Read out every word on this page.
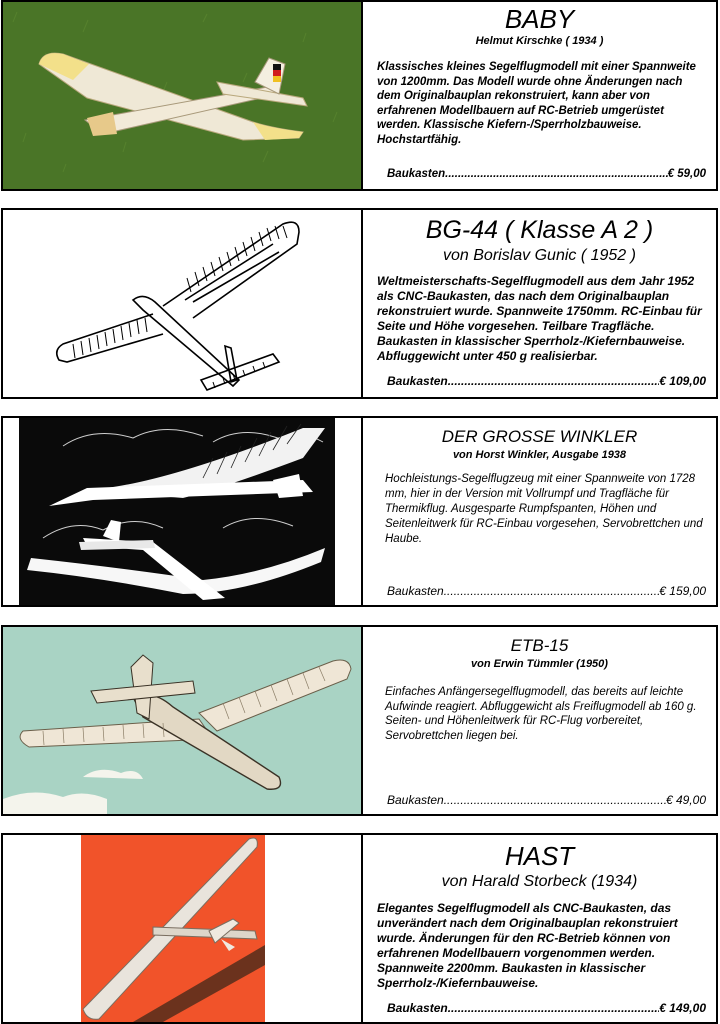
BABY
Helmut Kirschke ( 1934 )
Klassisches kleines Segelflugmodell mit einer Spannweite von 1200mm. Das Modell wurde ohne Änderungen nach dem Originalbauplan rekonstruiert, kann aber von erfahrenen Modellbauern auf RC-Betrieb umgerüstet werden. Klassische Kiefern-/Sperrholzbauweise. Hochstartfähig.
Baukasten .....	€ 59,00
BG-44 ( Klasse A 2 )
von Borislav Gunic ( 1952 )
Weltmeisterschafts-Segelflugmodell aus dem Jahr 1952 als CNC-Baukasten, das nach dem Originalbauplan rekonstruiert wurde. Spannweite 1750mm. RC-Einbau für Seite und Höhe vorgesehen. Teilbare Tragfläche. Baukasten in klassischer Sperrholz-/Kiefernbauweise. Abfluggewicht unter 450 g realisierbar.
Baukasten .....	€ 109,00
DER GROSSE WINKLER
von Horst Winkler, Ausgabe 1938
Hochleistungs-Segelflugzeug mit einer Spannweite von 1728 mm, hier in der Version mit Vollrumpf und Tragfläche für Thermikflug. Ausgesparte Rumpfspanten, Höhen und Seitenleitwerk für RC-Einbau vorgesehen, Servobrettchen und Haube.
Baukasten .....	€ 159,00
ETB-15
von Erwin Tümmler (1950)
Einfaches Anfängersegelflugmodell, das bereits auf leichte Aufwinde reagiert. Abfluggewicht als Freiflugmodell ab 160 g. Seiten- und Höhenleitwerk für RC-Flug vorbereitet, Servobrettchen liegen bei.
Baukasten .....	€ 49,00
HAST
von Harald Storbeck (1934)
Elegantes Segelflugmodell als CNC-Baukasten, das unverändert nach dem Originalbauplan rekonstruiert wurde. Änderungen für den RC-Betrieb können von erfahrenen Modellbauern vorgenommen werden. Spannweite 2200mm. Baukasten in klassischer Sperrholz-/Kiefernbauweise.
Baukasten .....	€ 149,00
